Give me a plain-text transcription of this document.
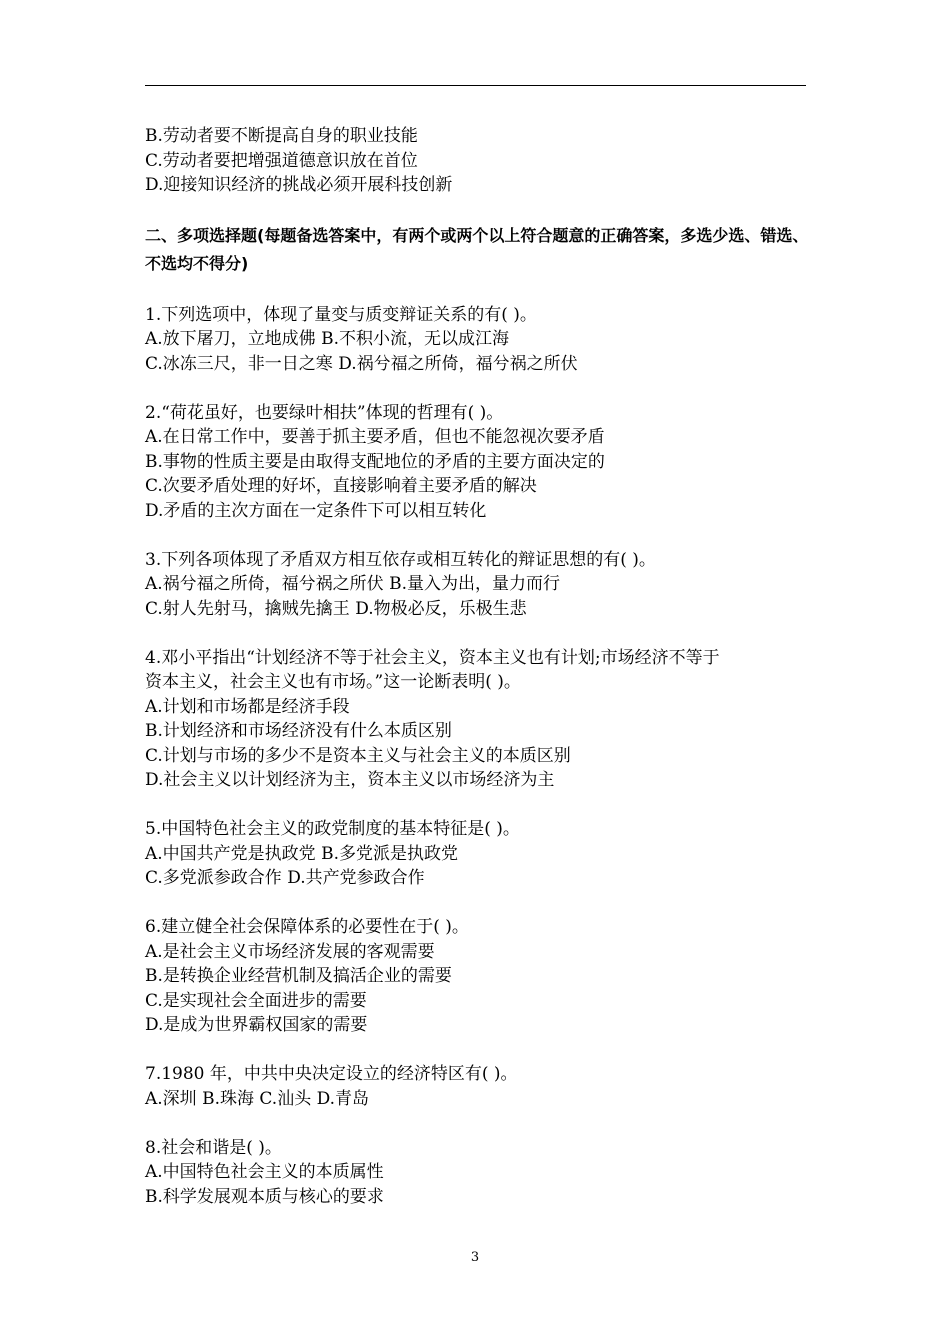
B.劳动者要不断提高自身的职业技能
C.劳动者要把增强道德意识放在首位
D.迎接知识经济的挑战必须开展科技创新
二、多项选择题(每题备选答案中，有两个或两个以上符合题意的正确答案，多选少选、错选、不选均不得分)
1.下列选项中，体现了量变与质变辩证关系的有( )。
A.放下屠刀，立地成佛 B.不积小流，无以成江海
C.冰冻三尺，非一日之寒 D.祸兮福之所倚，福兮祸之所伏
2.“荷花虽好，也要绿叶相扶”体现的哲理有( )。
A.在日常工作中，要善于抓主要矛盾，但也不能忽视次要矛盾
B.事物的性质主要是由取得支配地位的矛盾的主要方面决定的
C.次要矛盾处理的好坏，直接影响着主要矛盾的解决
D.矛盾的主次方面在一定条件下可以相互转化
3.下列各项体现了矛盾双方相互依存或相互转化的辩证思想的有( )。
A.祸兮福之所倚，福兮祸之所伏 B.量入为出，量力而行
C.射人先射马，擒贼先擒王 D.物极必反，乐极生悲
4.邓小平指出“计划经济不等于社会主义，资本主义也有计划;市场经济不等于
资本主义，社会主义也有市场。”这一论断表明( )。
A.计划和市场都是经济手段
B.计划经济和市场经济没有什么本质区别
C.计划与市场的多少不是资本主义与社会主义的本质区别
D.社会主义以计划经济为主，资本主义以市场经济为主
5.中国特色社会主义的政党制度的基本特征是( )。
A.中国共产党是执政党 B.多党派是执政党
C.多党派参政合作 D.共产党参政合作
6.建立健全社会保障体系的必要性在于( )。
A.是社会主义市场经济发展的客观需要
B.是转换企业经营机制及搞活企业的需要
C.是实现社会全面进步的需要
D.是成为世界霸权国家的需要
7.1980 年，中共中央决定设立的经济特区有( )。
A.深圳 B.珠海 C.汕头 D.青岛
8.社会和谐是( )。
A.中国特色社会主义的本质属性
B.科学发展观本质与核心的要求
3
